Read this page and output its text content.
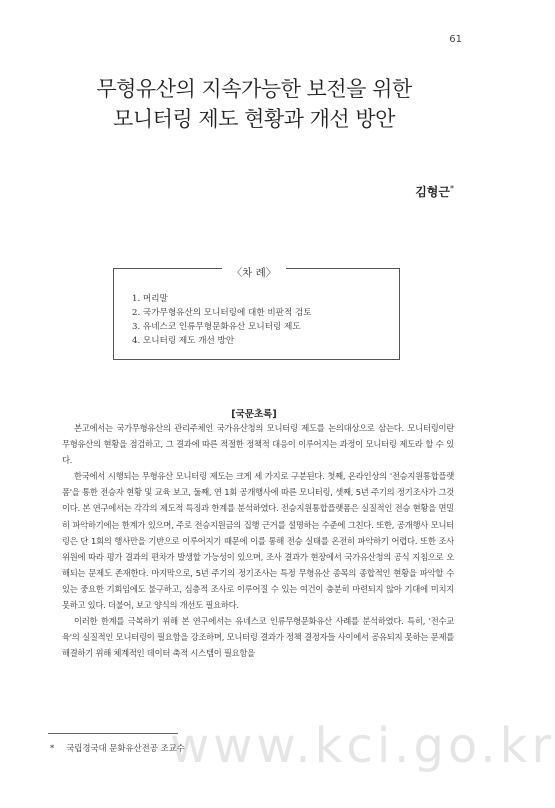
61
무형유산의 지속가능한 보전을 위한
모니터링 제도 현황과 개선 방안
김형근*
〈차 례〉
1. 머리말
2. 국가무형유산의 모니터링에 대한 비판적 검토
3. 유네스코 인류무형문화유산 모니터링 제도
4. 모니터링 제도 개선 방안
[국문초록]

본고에서는 국가무형유산의 관리주체인 국가유산청의 모니터링 제도를 논의대상으로 삼는다. 모니터링이란 무형유산의 현황을 점검하고, 그 결과에 따른 적절한 정책적 대응이 이루어지는 과정이 모니터링 제도라 할 수 있다.

한국에서 시행되는 무형유산 모니터링 제도는 크게 세 가지로 구분된다. 첫째, 온라인상의 '전승지원통합플랫폼'을 통한 전승자 현황 및 교육 보고, 둘째, 연 1회 공개행사에 따른 모니터링, 셋째, 5년 주기의 정기조사가 그것이다. 본 연구에서는 각각의 제도적 특징과 한계를 분석하였다. 전승지원통합플랫폼은 실질적인 전승 현황을 면밀히 파악하기에는 한계가 있으며, 주로 전승지원금의 집행 근거를 설명하는 수준에 그친다. 또한, 공개행사 모니터링은 단 1회의 행사만을 기반으로 이루어지기 때문에 이를 통해 전승 실태를 온전히 파악하기 어렵다. 또한 조사위원에 따라 평가 결과의 편차가 발생할 가능성이 있으며, 조사 결과가 현장에서 국가유산청의 공식 지침으로 오해되는 문제도 존재한다. 마지막으로, 5년 주기의 정기조사는 특정 무형유산 종목의 종합적인 현황을 파악할 수 있는 중요한 기회임에도 불구하고, 심층적 조사로 이루어질 수 있는 여건이 충분히 마련되지 않아 기대에 미치지 못하고 있다. 더불어, 보고 양식의 개선도 필요하다.

이러한 한계를 극복하기 위해 본 연구에서는 유네스코 인류무형문화유산 사례를 분석하였다. 특히, '전수교육'의 실질적인 모니터링이 필요함을 강조하며, 모니터링 결과가 정책 결정자들 사이에서 공유되지 못하는 문제를 해결하기 위해 체계적인 데이터 축적 시스템이 필요함을

* 국립경국대 문화유산전공 조교수
www.kci.go.kr
